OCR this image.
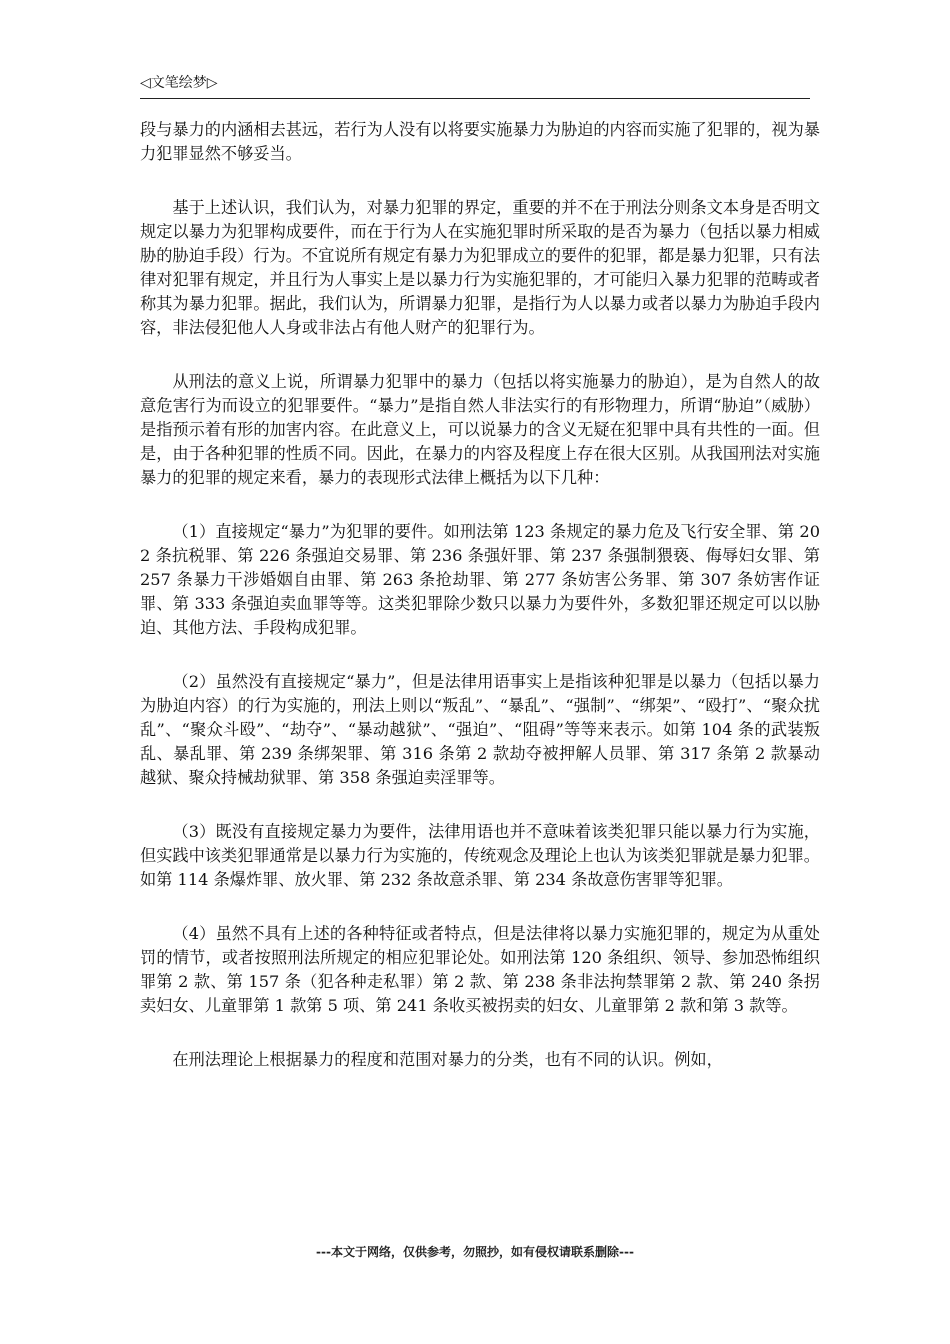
◁文笔绘梦▷

段与暴力的内涵相去甚远，若行为人没有以将要实施暴力为胁迫的内容而实施了犯罪的，视为暴力犯罪显然不够妥当。

基于上述认识，我们认为，对暴力犯罪的界定，重要的并不在于刑法分则条文本身是否明文规定以暴力为犯罪构成要件，而在于行为人在实施犯罪时所采取的是否为暴力（包括以暴力相威胁的胁迫手段）行为。不宜说所有规定有暴力为犯罪成立的要件的犯罪，都是暴力犯罪，只有法律对犯罪有规定，并且行为人事实上是以暴力行为实施犯罪的，才可能归入暴力犯罪的范畴或者称其为暴力犯罪。据此，我们认为，所谓暴力犯罪，是指行为人以暴力或者以暴力为胁迫手段内容，非法侵犯他人人身或非法占有他人财产的犯罪行为。

从刑法的意义上说，所谓暴力犯罪中的暴力（包括以将实施暴力的胁迫），是为自然人的故意危害行为而设立的犯罪要件。“暴力”是指自然人非法实行的有形物理力，所谓“胁迫”（威胁）是指预示着有形的加害内容。在此意义上，可以说暴力的含义无疑在犯罪中具有共性的一面。但是，由于各种犯罪的性质不同。因此，在暴力的内容及程度上存在很大区别。从我国刑法对实施暴力的犯罪的规定来看，暴力的表现形式法律上概括为以下几种：

（1）直接规定“暴力”为犯罪的要件。如刑法第 123 条规定的暴力危及飞行安全罪、第 202 条抗税罪、第 226 条强迫交易罪、第 236 条强奸罪、第 237 条强制猥亵、侮辱妇女罪、第 257 条暴力干涉婚姻自由罪、第 263 条抢劫罪、第 277 条妨害公务罪、第 307 条妨害作证罪、第 333 条强迫卖血罪等等。这类犯罪除少数只以暴力为要件外，多数犯罪还规定可以以胁迫、其他方法、手段构成犯罪。

（2）虽然没有直接规定“暴力”，但是法律用语事实上是指该种犯罪是以暴力（包括以暴力为胁迫内容）的行为实施的，刑法上则以“叛乱”、“暴乱”、“强制”、“绑架”、“殴打”、“聚众扰乱”、“聚众斗殴”、“劫夺”、“暴动越狱”、“强迫”、“阻碍”等等来表示。如第 104 条的武装叛乱、暴乱罪、第 239 条绑架罪、第 316 条第 2 款劫夺被押解人员罪、第 317 条第 2 款暴动越狱、聚众持械劫狱罪、第 358 条强迫卖淫罪等。

（3）既没有直接规定暴力为要件，法律用语也并不意味着该类犯罪只能以暴力行为实施，但实践中该类犯罪通常是以暴力行为实施的，传统观念及理论上也认为该类犯罪就是暴力犯罪。如第 114 条爆炸罪、放火罪、第 232 条故意杀罪、第 234 条故意伤害罪等犯罪。

（4）虽然不具有上述的各种特征或者特点，但是法律将以暴力实施犯罪的，规定为从重处罚的情节，或者按照刑法所规定的相应犯罪论处。如刑法第 120 条组织、领导、参加恐怖组织罪第 2 款、第 157 条（犯各种走私罪）第 2 款、第 238 条非法拘禁罪第 2 款、第 240 条拐卖妇女、儿童罪第 1 款第 5 项、第 241 条收买被拐卖的妇女、儿童罪第 2 款和第 3 款等。

在刑法理论上根据暴力的程度和范围对暴力的分类，也有不同的认识。例如，

---本文于网络，仅供参考，勿照抄，如有侵权请联系删除---
